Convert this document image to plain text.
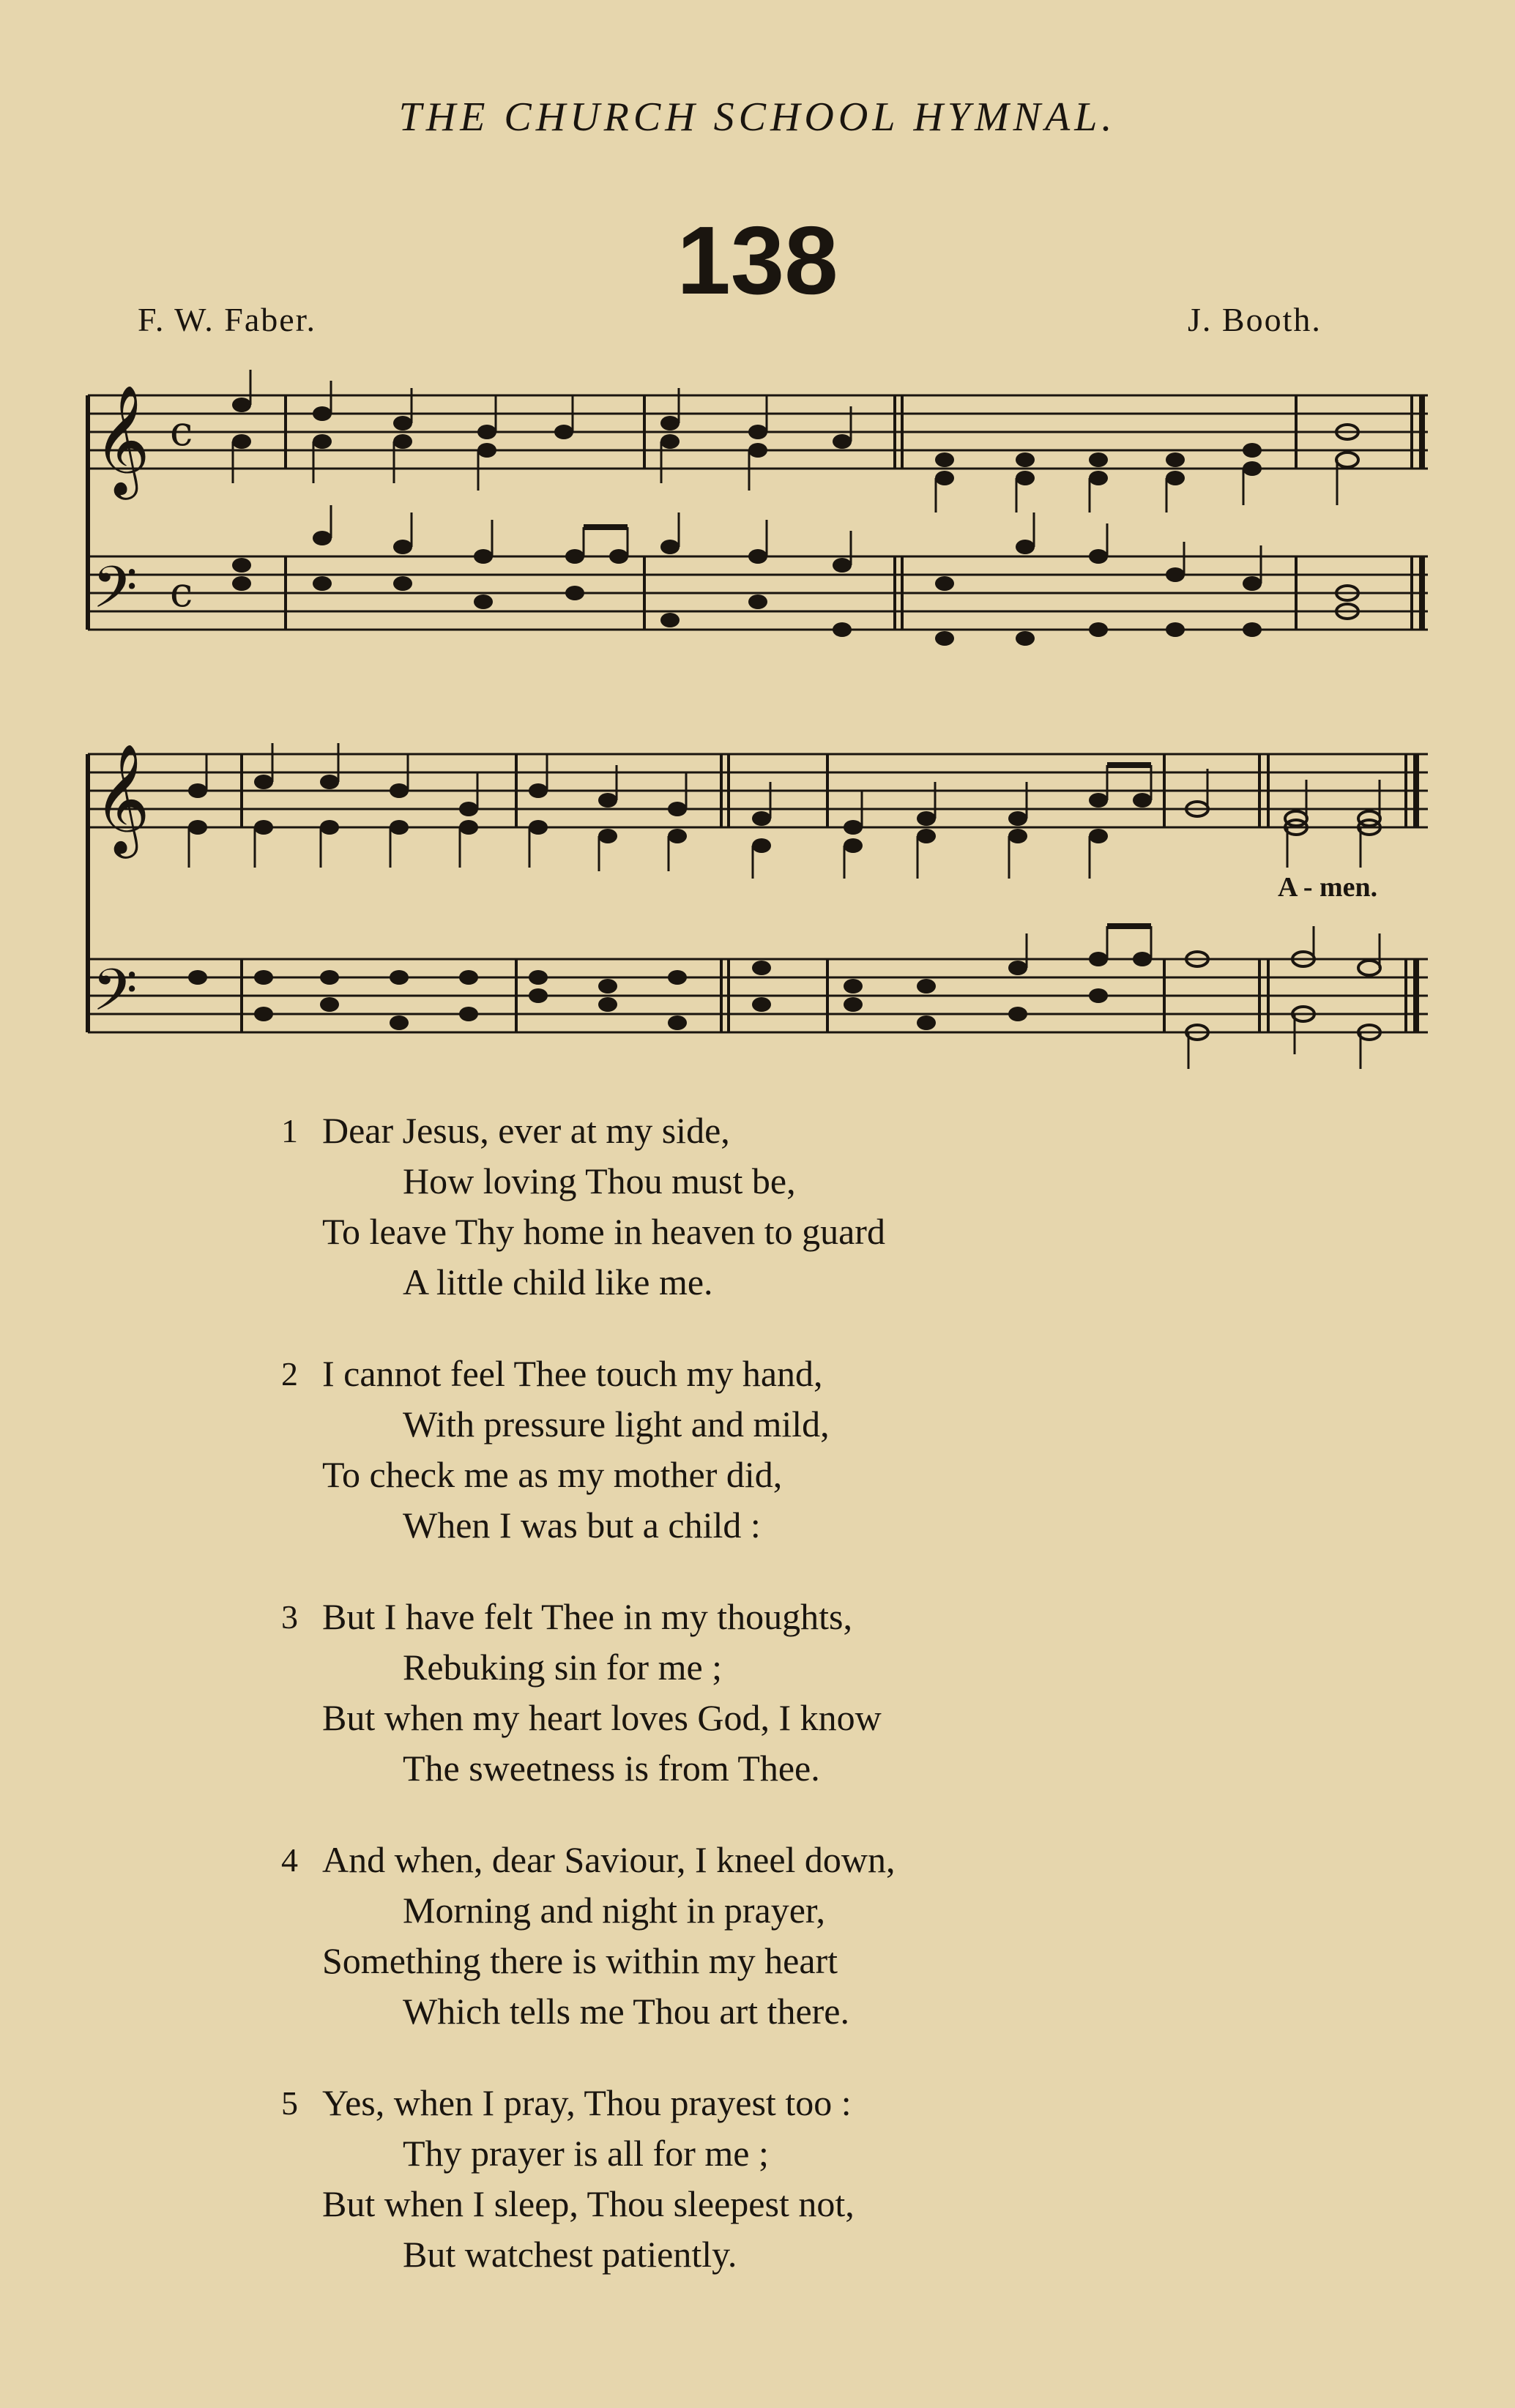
THE CHURCH SCHOOL HYMNAL.
138
F. W. Faber.	J. Booth.
𝄞
𝄢
c
c
𝄞
𝄢
A - men.
1 Dear Jesus, ever at my side,
How loving Thou must be,
To leave Thy home in heaven to guard
A little child like me.
2 I cannot feel Thee touch my hand,
With pressure light and mild,
To check me as my mother did,
When I was but a child :
3 But I have felt Thee in my thoughts,
Rebuking sin for me ;
But when my heart loves God, I know
The sweetness is from Thee.
4 And when, dear Saviour, I kneel down,
Morning and night in prayer,
Something there is within my heart
Which tells me Thou art there.
5 Yes, when I pray, Thou prayest too :
Thy prayer is all for me ;
But when I sleep, Thou sleepest not,
But watchest patiently.
